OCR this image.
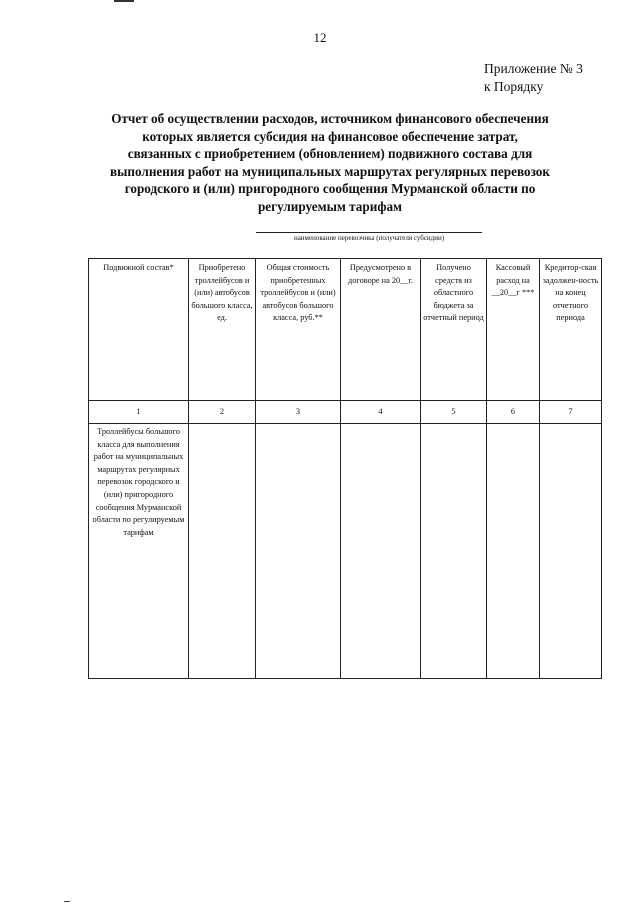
12
Приложение № 3
к Порядку
Отчет об осуществлении расходов, источником финансового обеспечения которых является субсидия на финансовое обеспечение затрат, связанных с приобретением (обновлением) подвижного состава для выполнения работ на муниципальных маршрутах регулярных перевозок городского и (или) пригородного сообщения Мурманской области по регулируемым тарифам
наименование перевозчика (получателя субсидии)
Подвижной состав*	Приобретено троллейбусов и (или) автобусов большого класса, ед.	Общая стоимость приобретенных троллейбусов и (или) автобусов большого класса, руб.**	Предусмотрено в договоре на 20__г.	Получено средств из областного бюджета за отчетный период	Кассовый расход на __20__г ***	Кредитор-ская задолжен-ность на конец отчетного периода
1	2	3	4	5	6	7
Троллейбусы большого класса для выполнения работ на муниципальных маршрутах регулярных перевозок городского и (или) пригородного сообщения Мурманской области по регулируемым тарифам						
